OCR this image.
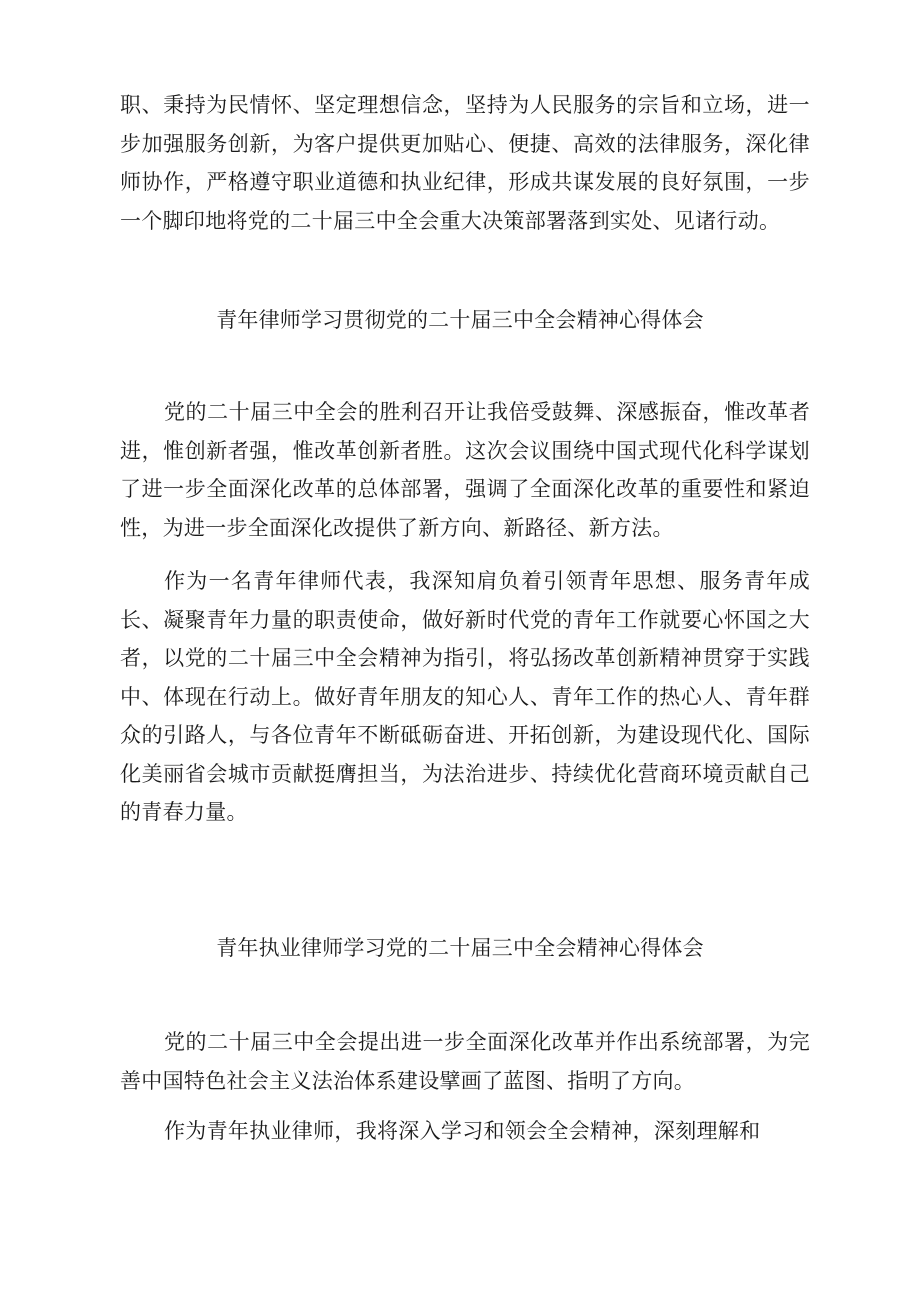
职、秉持为民情怀、坚定理想信念，坚持为人民服务的宗旨和立场，进一步加强服务创新，为客户提供更加贴心、便捷、高效的法律服务，深化律师协作，严格遵守职业道德和执业纪律，形成共谋发展的良好氛围，一步一个脚印地将党的二十届三中全会重大决策部署落到实处、见诸行动。

青年律师学习贯彻党的二十届三中全会精神心得体会

党的二十届三中全会的胜利召开让我倍受鼓舞、深感振奋，惟改革者进，惟创新者强，惟改革创新者胜。这次会议围绕中国式现代化科学谋划了进一步全面深化改革的总体部署，强调了全面深化改革的重要性和紧迫性，为进一步全面深化改提供了新方向、新路径、新方法。

作为一名青年律师代表，我深知肩负着引领青年思想、服务青年成长、凝聚青年力量的职责使命，做好新时代党的青年工作就要心怀国之大者，以党的二十届三中全会精神为指引，将弘扬改革创新精神贯穿于实践中、体现在行动上。做好青年朋友的知心人、青年工作的热心人、青年群众的引路人，与各位青年不断砥砺奋进、开拓创新，为建设现代化、国际化美丽省会城市贡献挺膺担当，为法治进步、持续优化营商环境贡献自己的青春力量。

青年执业律师学习党的二十届三中全会精神心得体会

党的二十届三中全会提出进一步全面深化改革并作出系统部署，为完善中国特色社会主义法治体系建设擘画了蓝图、指明了方向。

作为青年执业律师，我将深入学习和领会全会精神，深刻理解和
